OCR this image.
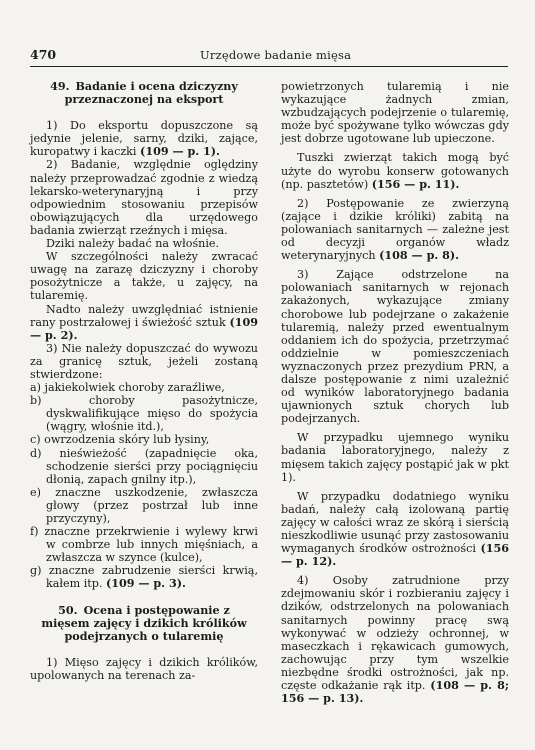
470	Urzędowe badanie mięsa
49. Badanie i ocena dziczyzny przeznaczonej na eksport

1) Do eksportu dopuszczone są jedynie jelenie, sarny, dziki, zające, kuropatwy i kaczki (109 — p. 1).

2) Badanie, względnie oględziny należy przeprowadzać zgodnie z wiedzą lekarsko-weterynaryjną i przy odpowiednim stosowaniu przepisów obowiązujących dla urzędowego badania zwierząt rzeźnych i mięsa.

Dziki należy badać na włośnie.

W szczególności należy zwracać uwagę na zarazę dziczyzny i choroby posożytnicze a także, u zajęcy, na tularemię.

Nadto należy uwzględniać istnienie rany postrzałowej i świeżość sztuk (109 — p. 2).

3) Nie należy dopuszczać do wywozu za granicę sztuk, jeżeli zostaną stwierdzone:

a) jakiekolwiek choroby zaraźliwe,

b) choroby pasożytnicze, dyskwalifikujące mięso do spożycia (wągry, włośnie itd.),

c) owrzodzenia skóry lub łysiny,

d) nieświeżość (zapadnięcie oka, schodzenie sierści przy pociągnięciu dłonią, zapach gnilny itp.),

e) znaczne uszkodzenie, zwłaszcza głowy (przez postrzał lub inne przyczyny),

f) znaczne przekrwienie i wylewy krwi w combrze lub innych mięśniach, a zwłaszcza w szynce (kulce),

g) znaczne zabrudzenie sierści krwią, kałem itp. (109 — p. 3).

50. Ocena i postępowanie z mięsem zajęcy i dzikich królików podejrzanych o tularemię

1) Mięso zajęcy i dzikich królików, upolowanych na terenach za-

powietrzonych tularemią i nie wykazujące żadnych zmian, wzbudzających podejrzenie o tularemię, może być spożywane tylko wówczas gdy jest dobrze ugotowane lub upieczone.

Tuszki zwierząt takich mogą być użyte do wyrobu konserw gotowanych (np. pasztetów) (156 — p. 11).

2) Postępowanie ze zwierzyną (zające i dzikie króliki) zabitą na polowaniach sanitarnych — zależne jest od decyzji organów władz weterynaryjnych (108 — p. 8).

3) Zające odstrzelone na polowaniach sanitarnych w rejonach zakażonych, wykazujące zmiany chorobowe lub podejrzane o zakażenie tularemią, należy przed ewentualnym oddaniem ich do spożycia, przetrzymać oddzielnie w pomieszczeniach wyznaczonych przez prezydium PRN, a dalsze postępowanie z nimi uzależnić od wyników laboratoryjnego badania ujawnionych sztuk chorych lub podejrzanych.

W przypadku ujemnego wyniku badania laboratoryjnego, należy z mięsem takich zajęcy postąpić jak w pkt 1).

W przypadku dodatniego wyniku badań, należy całą izolowaną partię zajęcy w całości wraz ze skórą i sierścią nieszkodliwie usunąć przy zastosowaniu wymaganych środków ostrożności (156 — p. 12).

4) Osoby zatrudnione przy zdejmowaniu skór i rozbieraniu zajęcy i dzików, odstrzelonych na polowaniach sanitarnych powinny pracę swą wykonywać w odzieży ochronnej, w maseczkach i rękawicach gumowych, zachowując przy tym wszelkie niezbędne środki ostrożności, jak np. częste odkażanie rąk itp. (108 — p. 8; 156 — p. 13).
